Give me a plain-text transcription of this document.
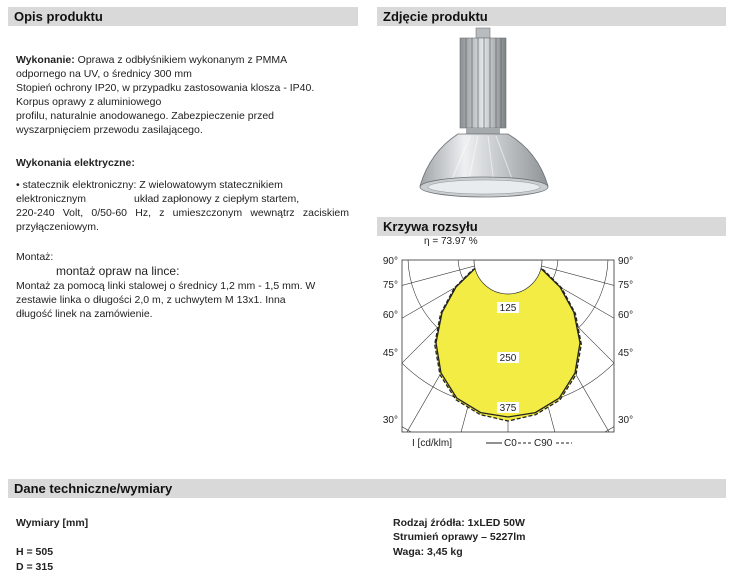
Opis produktu	Zdjęcie produktu
Krzywa rozsyłu
Dane techniczne/wymiary
Wykonanie: Oprawa z odbłyśnikiem wykonanym z PMMA
odpornego na UV, o średnicy 300 mm
Stopień ochrony IP20, w przypadku zastosowania klosza - IP40.
Korpus oprawy z aluminiowego
profilu, naturalnie anodowanego. Zabezpieczenie przed
wyszarpnięciem przewodu zasilającego.
Wykonania elektryczne:
• statecznik elektroniczny: Z wielowatowym statecznikiem
elektronicznym	układ zapłonowy z ciepłym startem,
220-240 Volt, 0/50-60 Hz, z umieszczonym wewnątrz zaciskiem
przyłączeniowym.
Montaż:
montaż opraw na lince:
Montaż za pomocą linki stalowej o średnicy 1,2 mm - 1,5 mm. W
zestawie linka o długości 2,0 m, z uchwytem M 13x1. Inna
długość linek na zamówienie.
η = 73.97 %
90°
75°
60°
45°
30°
90°
75°
60°
45°
30°
125
250
375
I [cd/klm]	C0 C90
Wymiary [mm]
H = 505
D = 315
Rodzaj źródła: 1xLED 50W
Strumień oprawy – 5227lm
Waga: 3,45 kg
